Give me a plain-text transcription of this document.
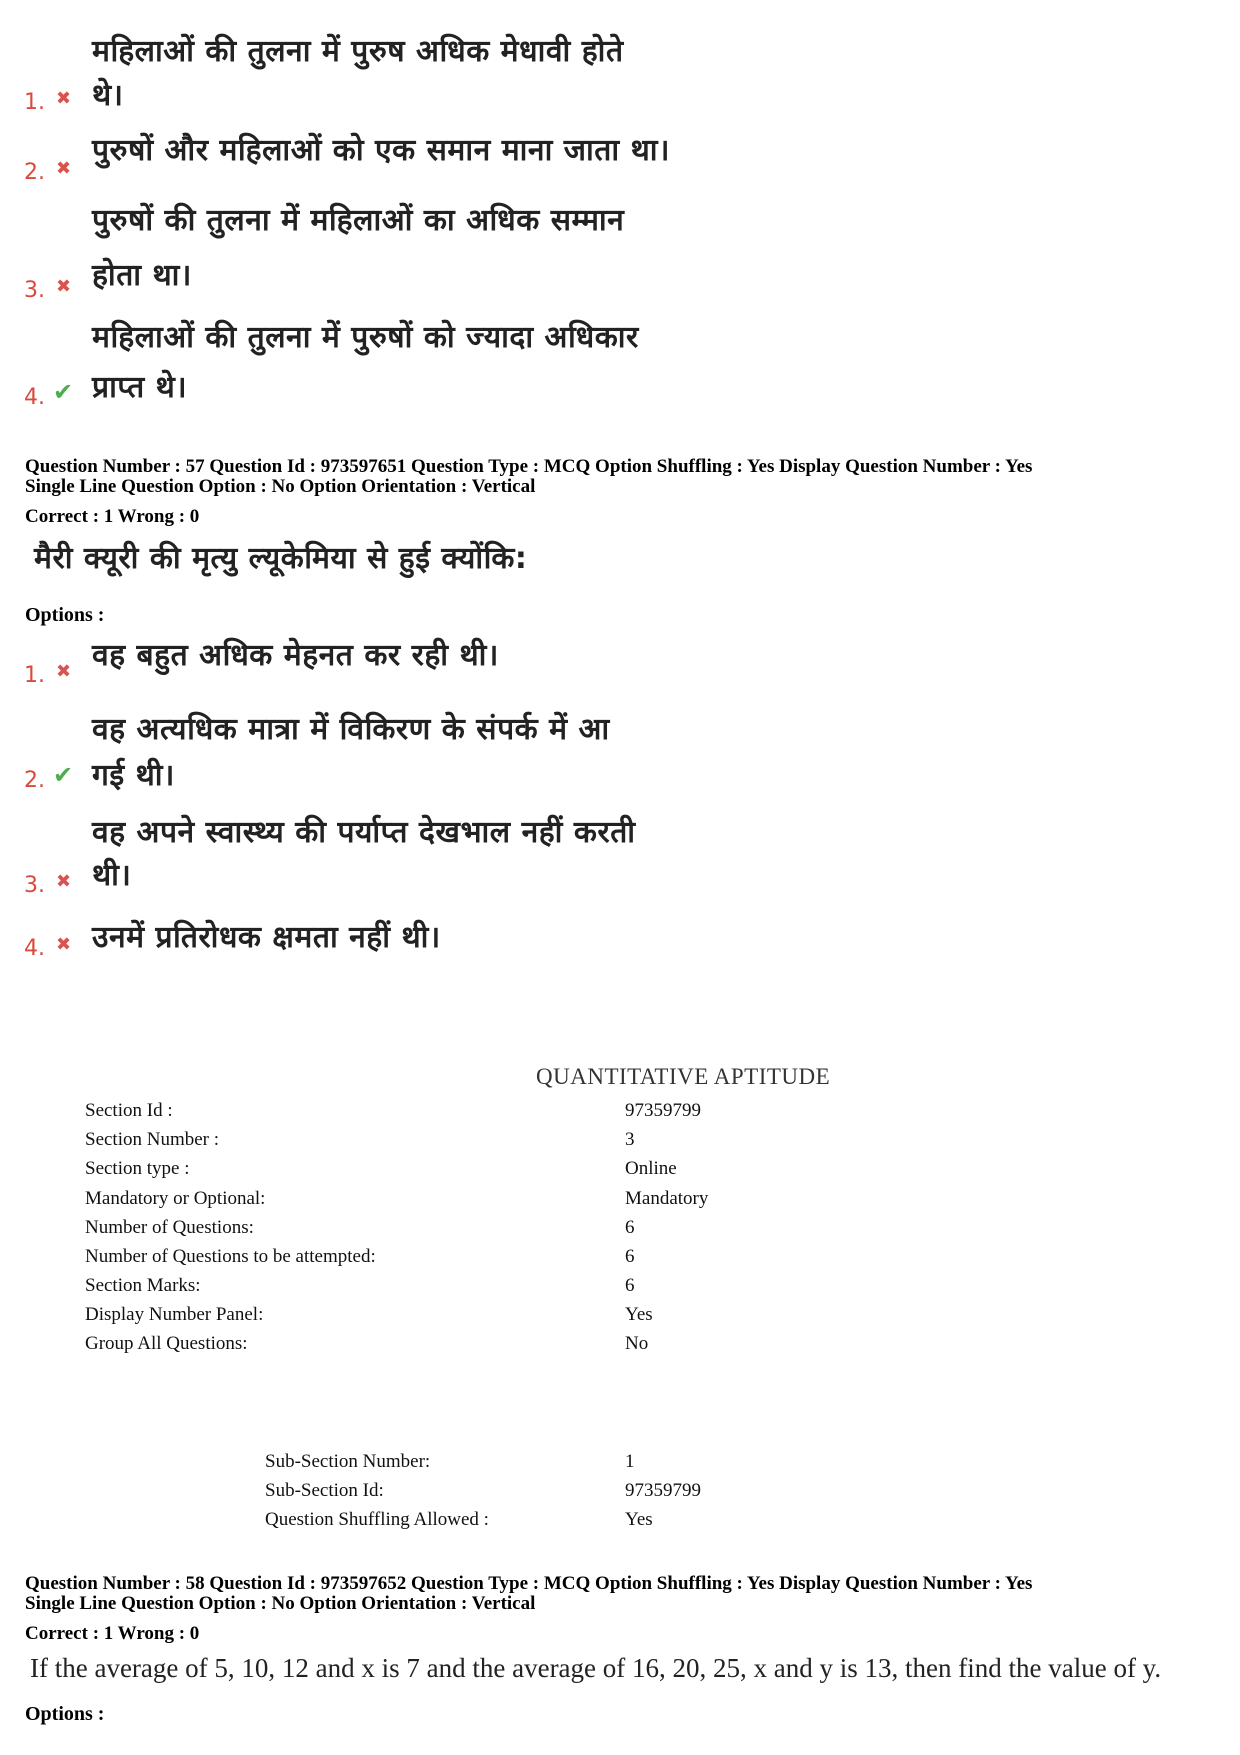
महिलाओं की तुलना में पुरुष अधिक मेधावी होते
थे।
1. ✖
पुरुषों और महिलाओं को एक समान माना जाता था।
2. ✖
पुरुषों की तुलना में महिलाओं का अधिक सम्मान
होता था।
3. ✖
महिलाओं की तुलना में पुरुषों को ज्यादा अधिकार
प्राप्त थे।
4. ✔
Question Number : 57 Question Id : 973597651 Question Type : MCQ Option Shuffling : Yes Display Question Number : Yes
Single Line Question Option : No Option Orientation : Vertical
Correct : 1 Wrong : 0
मैरी क्यूरी की मृत्यु ल्यूकेमिया से हुई क्योंकि:
Options :
वह बहुत अधिक मेहनत कर रही थी।
1. ✖
वह अत्यधिक मात्रा में विकिरण के संपर्क में आ
गई थी।
2. ✔
वह अपने स्वास्थ्य की पर्याप्त देखभाल नहीं करती
थी।
3. ✖
उनमें प्रतिरोधक क्षमता नहीं थी।
4. ✖
QUANTITATIVE APTITUDE
Section Id :	97359799
Section Number :	3
Section type :	Online
Mandatory or Optional:	Mandatory
Number of Questions:	6
Number of Questions to be attempted:	6
Section Marks:	6
Display Number Panel:	Yes
Group All Questions:	No
Sub-Section Number:	1
Sub-Section Id:	97359799
Question Shuffling Allowed :	Yes
Question Number : 58 Question Id : 973597652 Question Type : MCQ Option Shuffling : Yes Display Question Number : Yes
Single Line Question Option : No Option Orientation : Vertical
Correct : 1 Wrong : 0
If the average of 5, 10, 12 and x is 7 and the average of 16, 20, 25, x and y is 13, then find the value of y.
Options :
